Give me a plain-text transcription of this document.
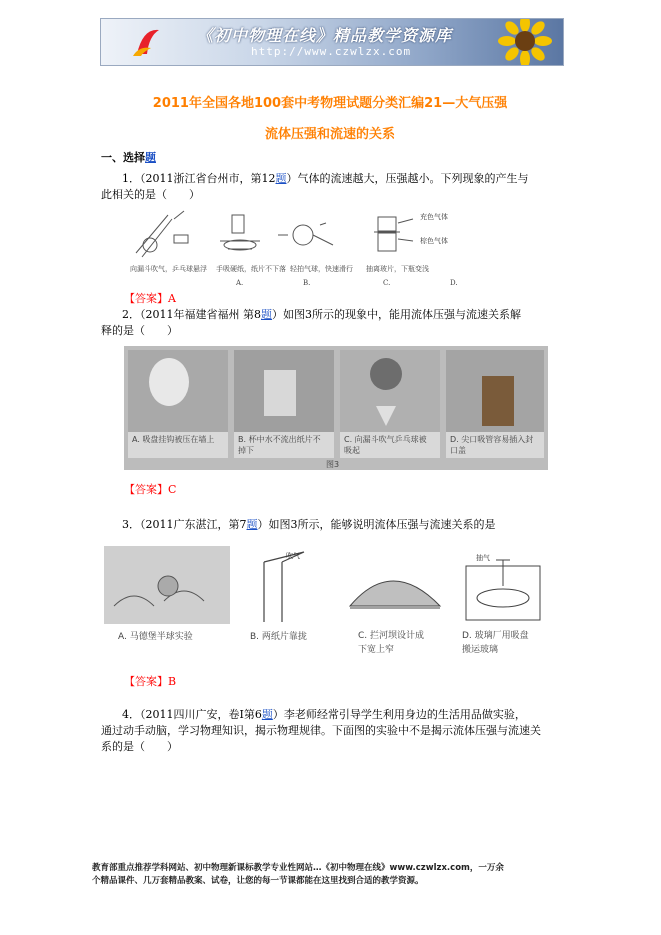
《初中物理在线》精品教学资源库
http://www.czwlzx.com
2011年全国各地100套中考物理试题分类汇编21—大气压强
流体压强和流速的关系
一、选择题
1．（2011浙江省台州市，第12题）气体的流速越大，压强越小。下列现象的产生与
此相关的是（　　）
充色气体
棕色气体
向漏斗吹气，乒乓球悬浮 手吸硬纸，纸片不下落 轻拍气球，快速滑行 抽离玻片，下瓶变浅
A.	B.	C.	D.
【答案】A
2．（2011年福建省福州 第8题）如图3所示的现象中，能用流体压强与流速关系解
释的是（　　）
A. 吸盘挂钩被压在墙上	B. 杯中水不流出纸片不掉下
C. 向漏斗吹气乒乓球被吸起
D. 尖口吸管容易插入封口盖
图3
【答案】C
3．（2011广东湛江，第7题）如图3所示，能够说明流体压强与流速关系的是
吹气	抽气
A. 马德堡半球实验	B. 两纸片靠拢	C. 拦河坝设计成下宽上窄
D. 玻璃厂用吸盘搬运玻璃
【答案】B
4．（2011四川广安，卷I第6题）李老师经常引导学生利用身边的生活用品做实验，
通过动手动脑，学习物理知识，揭示物理规律。下面图的实验中不是揭示流体压强与流速关
系的是（　　）
教育部重点推荐学科网站、初中物理新课标教学专业性网站…《初中物理在线》www.czwlzx.com，一万余
个精品课件、几万套精品教案、试卷，让您的每一节课都能在这里找到合适的教学资源。
